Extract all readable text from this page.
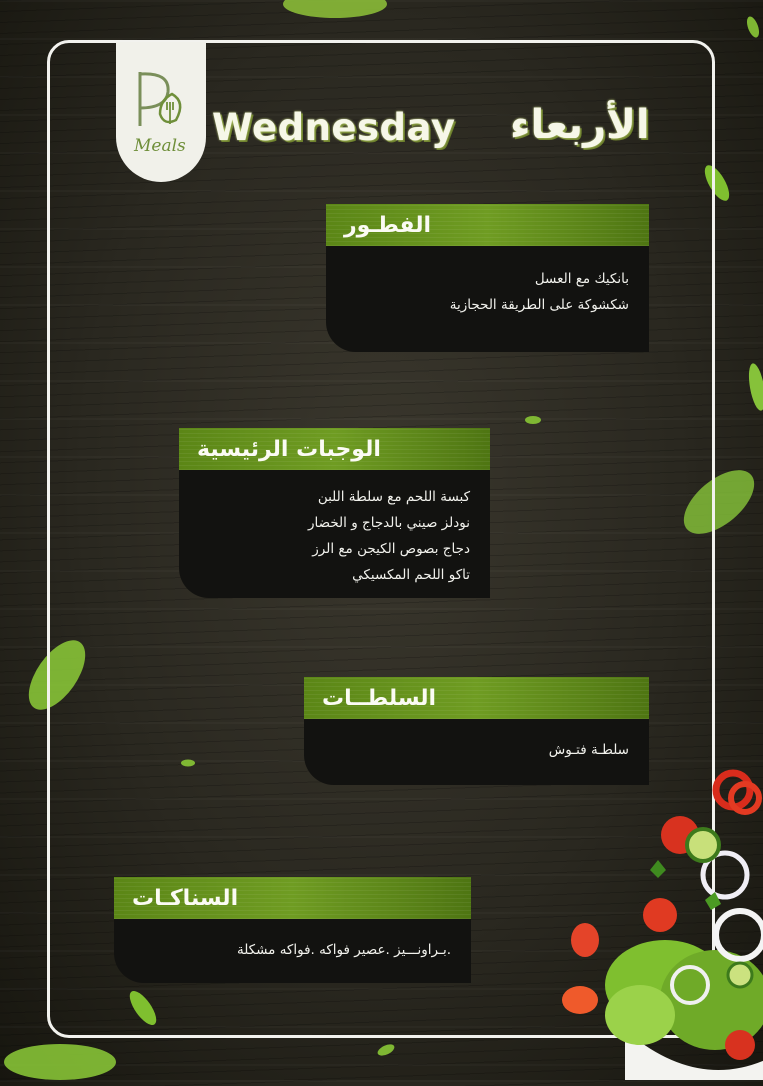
Meals Wednesday الأربعاء
الفطـور
بانكيك مع العسل
شكشوكة على الطريقة الحجازية
الوجبات الرئيسية
كبسة اللحم مع سلطة اللبن
نودلز صيني بالدجاج و الخضار
دجاج بصوص الكيجن مع الرز
تاكو اللحم المكسيكي
السلطــات
سلطـة فتـوش
السناكـات
.بـراونـــيز .عصير فواكه .فواكه مشكلة
